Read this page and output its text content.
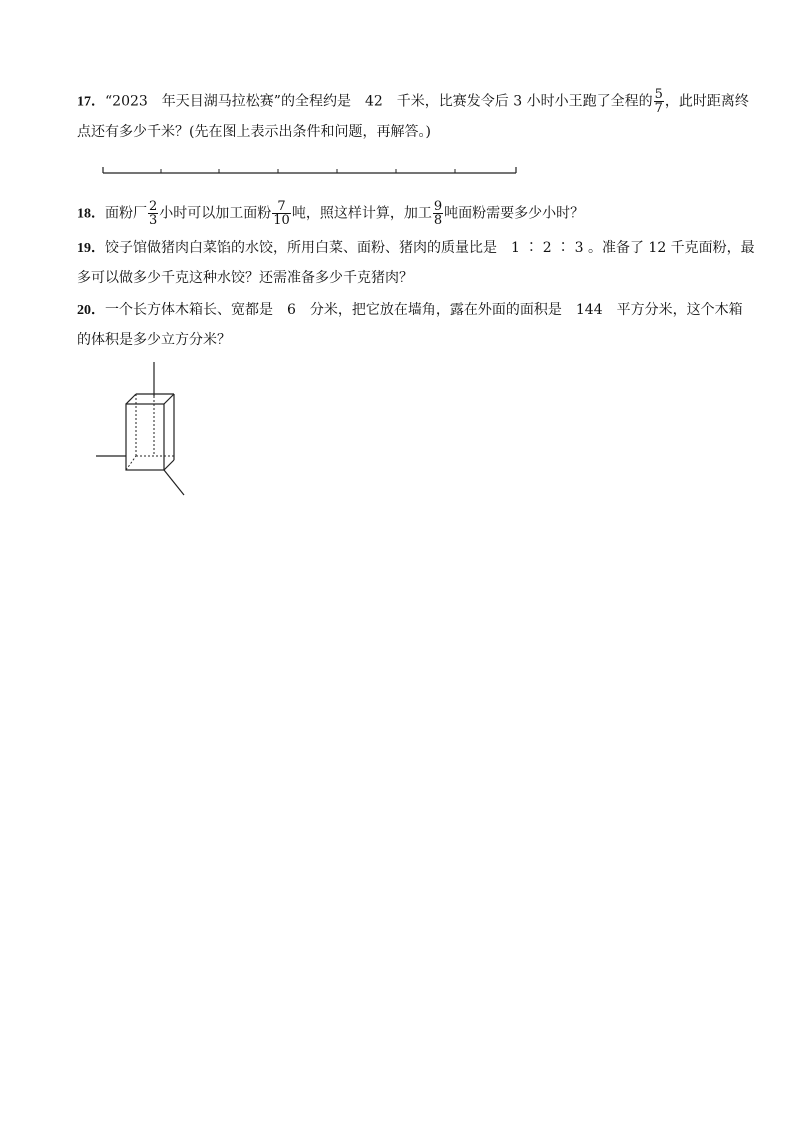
17．“2023　年天目湖马拉松赛”的全程约是　42　千米，比赛发令后 3 小时小王跑了全程的 $\frac{5}{7}$ ，此时距离终
点还有多少千米？(先在图上表示出条件和问题，再解答。)
18．面粉厂 $\frac{2}{3}$ 小时可以加工面粉 $\frac{7}{10}$ 吨，照这样计算，加工 $\frac{9}{8}$ 吨面粉需要多少小时？
19．饺子馆做猪肉白菜馅的水饺，所用白菜、面粉、猪肉的质量比是　1 ∶ 2 ∶ 3 。准备了 12 千克面粉，最
多可以做多少千克这种水饺？还需准备多少千克猪肉？
20．一个长方体木箱长、宽都是　6　分米，把它放在墙角，露在外面的面积是　144　平方分米，这个木箱
的体积是多少立方分米？
